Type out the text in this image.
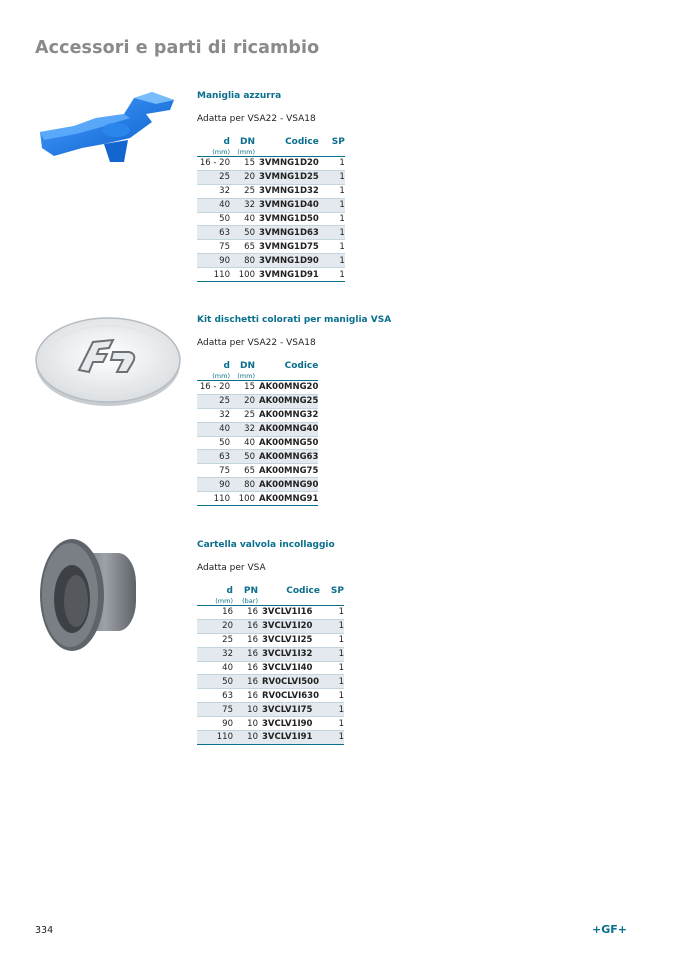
Accessori e parti di ricambio
Maniglia azzurra
Adatta per VSA22 - VSA18
d	DN	Codice	SP
(mm)	(mm)		
16 - 20	15	3VMNG1D20	1
25	20	3VMNG1D25	1
32	25	3VMNG1D32	1
40	32	3VMNG1D40	1
50	40	3VMNG1D50	1
63	50	3VMNG1D63	1
75	65	3VMNG1D75	1
90	80	3VMNG1D90	1
110	100	3VMNG1D91	1
Kit dischetti colorati per maniglia VSA
Adatta per VSA22 - VSA18
d	DN	Codice
(mm)	(mm)	
16 - 20	15	AK00MNG20
25	20	AK00MNG25
32	25	AK00MNG32
40	32	AK00MNG40
50	40	AK00MNG50
63	50	AK00MNG63
75	65	AK00MNG75
90	80	AK00MNG90
110	100	AK00MNG91
Cartella valvola incollaggio
Adatta per VSA
d	PN	Codice	SP
(mm)	(bar)		
16	16	3VCLV1I16	1
20	16	3VCLV1I20	1
25	16	3VCLV1I25	1
32	16	3VCLV1I32	1
40	16	3VCLV1I40	1
50	16	RV0CLVI500	1
63	16	RV0CLVI630	1
75	10	3VCLV1I75	1
90	10	3VCLV1I90	1
110	10	3VCLV1I91	1
334	+GF+
